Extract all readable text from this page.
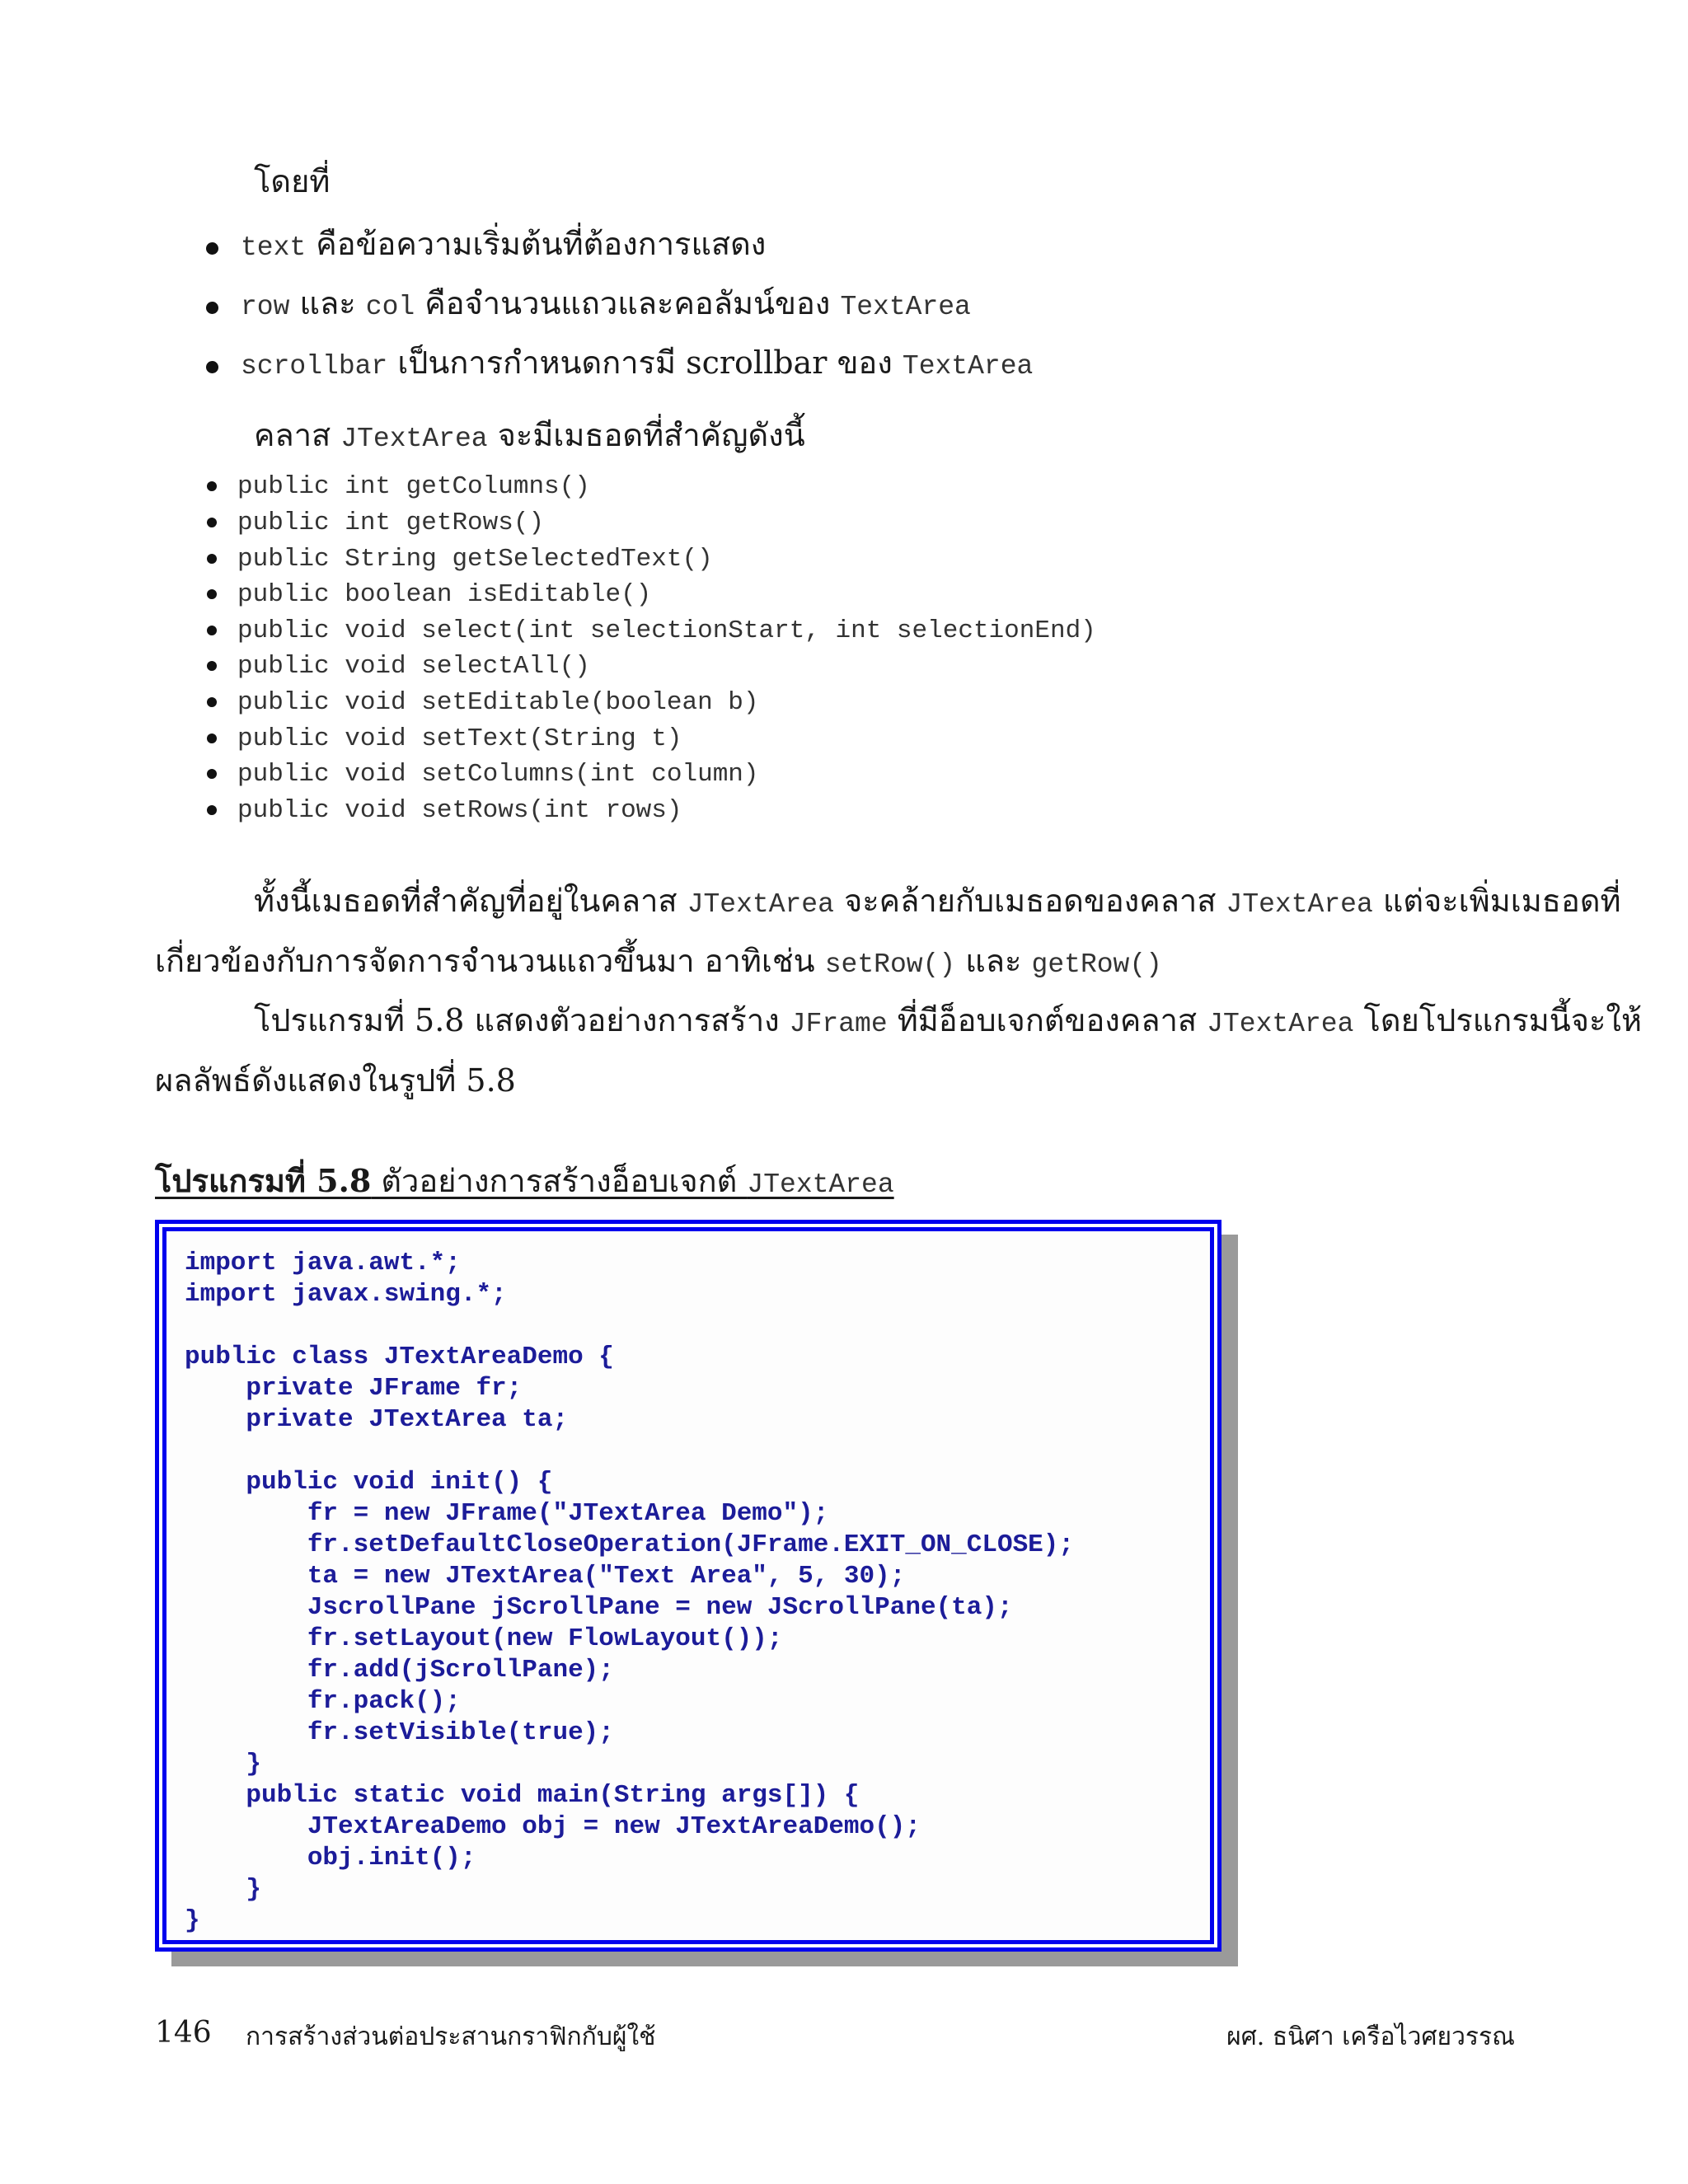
โดยที่
text คือข้อความเริ่มต้นที่ต้องการแสดง
row และ col คือจำนวนแถวและคอลัมน์ของ TextArea
scrollbar เป็นการกำหนดการมี scrollbar ของ TextArea
คลาส JTextArea จะมีเมธอดที่สำคัญดังนี้
public int getColumns()
public int getRows()
public String getSelectedText()
public boolean isEditable()
public void select(int selectionStart, int selectionEnd)
public void selectAll()
public void setEditable(boolean b)
public void setText(String t)
public void setColumns(int column)
public void setRows(int rows)
ทั้งนี้เมธอดที่สำคัญที่อยู่ในคลาส JTextArea จะคล้ายกับเมธอดของคลาส JTextArea แต่จะเพิ่มเมธอดที่
เกี่ยวข้องกับการจัดการจำนวนแถวขึ้นมา อาทิเช่น setRow() และ getRow()
โปรแกรมที่ 5.8 แสดงตัวอย่างการสร้าง JFrame ที่มีอ็อบเจกต์ของคลาส JTextArea โดยโปรแกรมนี้จะให้
ผลลัพธ์ดังแสดงในรูปที่ 5.8
โปรแกรมที่ 5.8 ตัวอย่างการสร้างอ็อบเจกต์ JTextArea
import java.awt.*;
import javax.swing.*;
public class JTextAreaDemo {
private JFrame fr;
private JTextArea ta;
public void init() {
fr = new JFrame("JTextArea Demo");
fr.setDefaultCloseOperation(JFrame.EXIT_ON_CLOSE);
ta = new JTextArea("Text Area", 5, 30);
JscrollPane jScrollPane = new JScrollPane(ta);
fr.setLayout(new FlowLayout());
fr.add(jScrollPane);
fr.pack();
fr.setVisible(true);
}
public static void main(String args[]) {
JTextAreaDemo obj = new JTextAreaDemo();
obj.init();
}
}
146 การสร้างส่วนต่อประสานกราฟิกกับผู้ใช้	ผศ. ธนิศา เครือไวศยวรรณ
